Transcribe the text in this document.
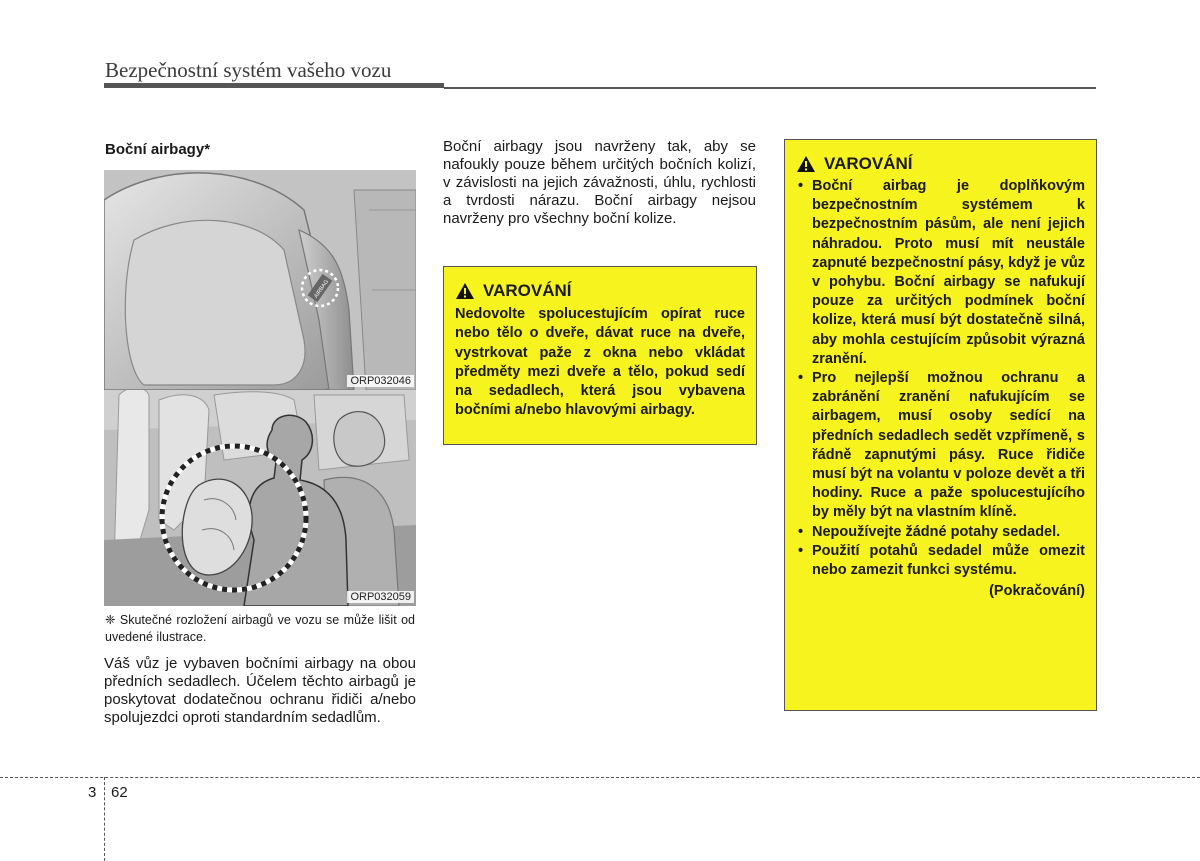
Bezpečnostní systém vašeho vozu
Boční airbagy*
AIRBAG
ORP032046
ORP032059
❈ Skutečné rozložení airbagů ve vozu se může lišit od uvedené ilustrace.
Váš vůz je vybaven bočními airbagy na obou předních sedadlech. Účelem těchto airbagů je poskytovat dodatečnou ochranu řidiči a/nebo spolujezdci oproti standardním sedadlům.
Boční airbagy jsou navrženy tak, aby se nafoukly pouze během určitých bočních kolizí, v závislosti na jejich závažnosti, úhlu, rychlosti a tvrdosti nárazu. Boční airbagy nejsou navrženy pro všechny boční kolize.
VAROVÁNÍ
Nedovolte spolucestujícím opírat ruce nebo tělo o dveře, dávat ruce na dveře, vystrkovat paže z okna nebo vkládat předměty mezi dveře a tělo, pokud sedí na sedadlech, která jsou vybavena bočními a/nebo hlavovými airbagy.
VAROVÁNÍ
• Boční airbag je doplňkovým bezpečnostním systémem k bezpečnostním pásům, ale není jejich náhradou. Proto musí mít neustále zapnuté bezpečnostní pásy, když je vůz v pohybu. Boční airbagy se nafukují pouze za určitých podmínek boční kolize, která musí být dostatečně silná, aby mohla cestujícím způsobit výrazná zranění.
• Pro nejlepší možnou ochranu a zabránění zranění nafukujícím se airbagem, musí osoby sedící na předních sedadlech sedět vzpřímeně, s řádně zapnutými pásy. Ruce řidiče musí být na volantu v poloze devět a tři hodiny. Ruce a paže spolucestujícího by měly být na vlastním klíně.
• Nepoužívejte žádné potahy sedadel.
• Použití potahů sedadel může omezit nebo zamezit funkci systému.
(Pokračování)
3 62
